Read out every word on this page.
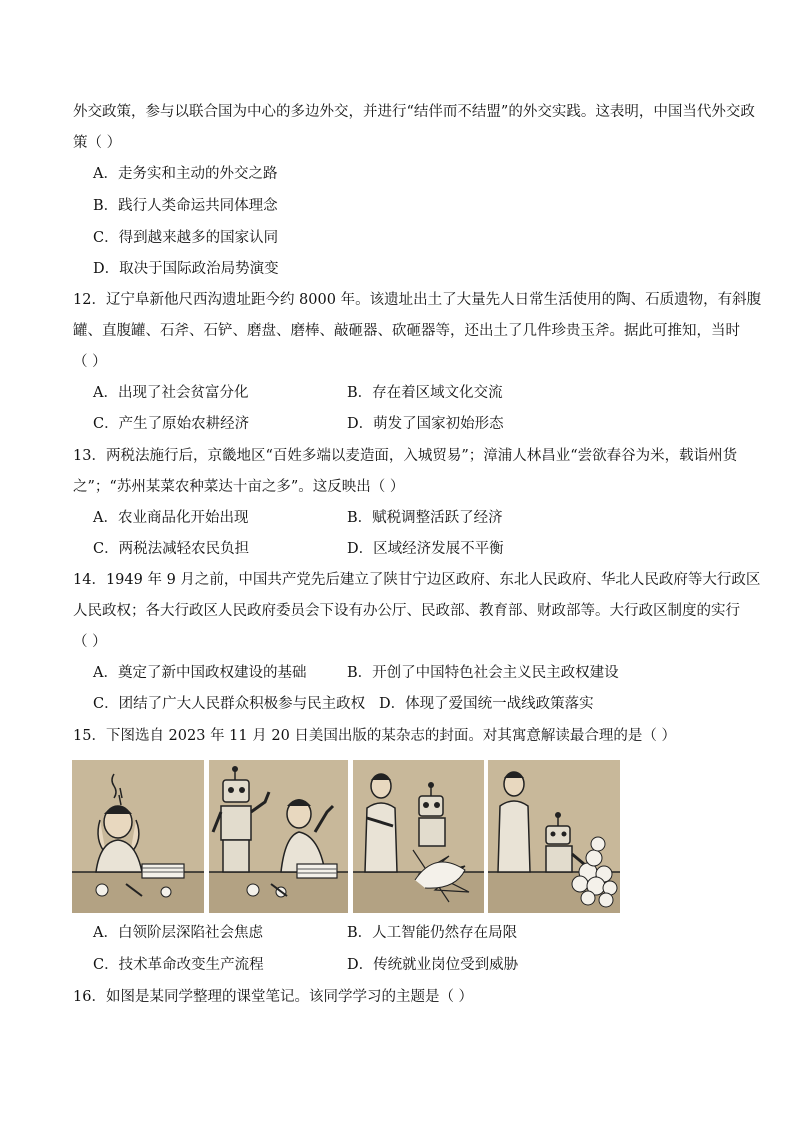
外交政策，参与以联合国为中心的多边外交，并进行“结伴而不结盟”的外交实践。这表明，中国当代外交政
策（ ）
A．走务实和主动的外交之路
B．践行人类命运共同体理念
C．得到越来越多的国家认同
D．取决于国际政治局势演变
12．辽宁阜新他尺西沟遗址距今约 8000 年。该遗址出土了大量先人日常生活使用的陶、石质遗物，有斜腹
罐、直腹罐、石斧、石铲、磨盘、磨棒、敲砸器、砍砸器等，还出土了几件珍贵玉斧。据此可推知，当时
（ ）
A．出现了社会贫富分化	B．存在着区域文化交流
C．产生了原始农耕经济	D．萌发了国家初始形态
13．两税法施行后，京畿地区“百姓多端以麦造面，入城贸易”；漳浦人林昌业“尝欲春谷为米，载诣州货
之”；“苏州某菜农种菜达十亩之多”。这反映出（ ）
A．农业商品化开始出现	B．赋税调整活跃了经济
C．两税法减轻农民负担	D．区域经济发展不平衡
14．1949 年 9 月之前，中国共产党先后建立了陕甘宁边区政府、东北人民政府、华北人民政府等大行政区
人民政权；各大行政区人民政府委员会下设有办公厅、民政部、教育部、财政部等。大行政区制度的实行
（ ）
A．奠定了新中国政权建设的基础	B．开创了中国特色社会主义民主政权建设
C．团结了广大人民群众积极参与民主政权 D．体现了爱国统一战线政策落实
15．下图选自 2023 年 11 月 20 日美国出版的某杂志的封面。对其寓意解读最合理的是（ ）
A．白领阶层深陷社会焦虑	B．人工智能仍然存在局限
C．技术革命改变生产流程	D．传统就业岗位受到威胁
16．如图是某同学整理的课堂笔记。该同学学习的主题是（ ）
